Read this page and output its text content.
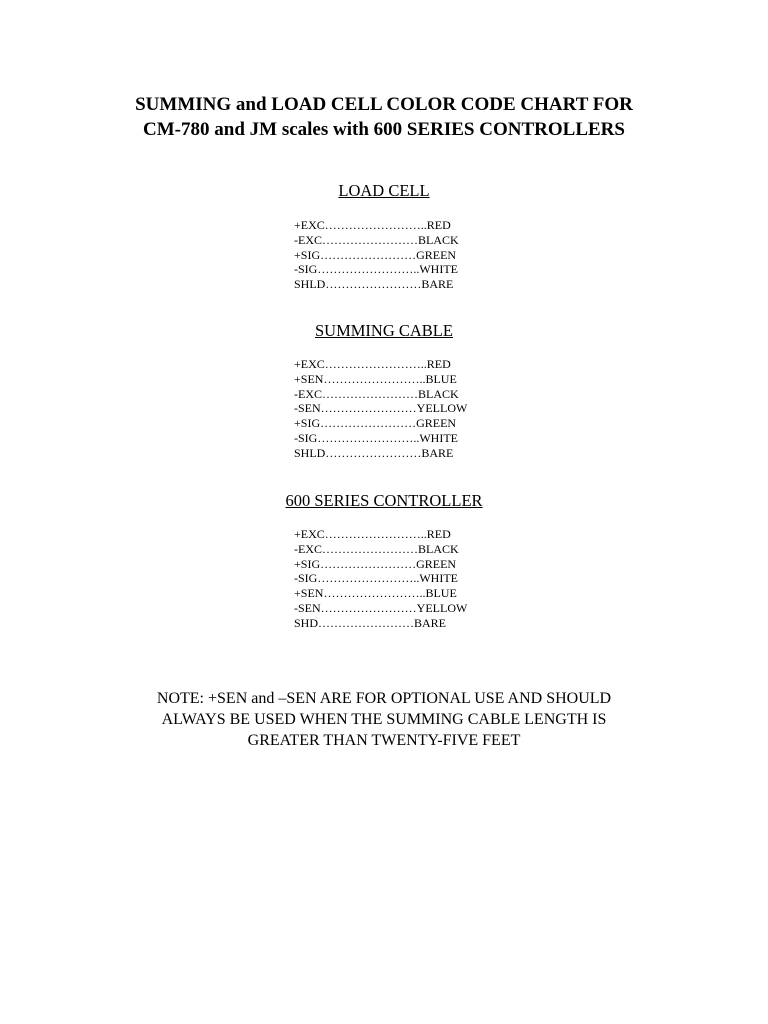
SUMMING and LOAD CELL COLOR CODE CHART FOR
CM-780 and JM scales with 600 SERIES CONTROLLERS
LOAD CELL
+EXC……………………..RED
-EXC……………………BLACK
+SIG……………………GREEN
-SIG……………………..WHITE
SHLD……………………BARE
SUMMING CABLE
+EXC……………………..RED
+SEN……………………..BLUE
-EXC……………………BLACK
-SEN……………………YELLOW
+SIG……………………GREEN
-SIG……………………..WHITE
SHLD……………………BARE
600 SERIES CONTROLLER
+EXC……………………..RED
-EXC……………………BLACK
+SIG……………………GREEN
-SIG……………………..WHITE
+SEN……………………..BLUE
-SEN……………………YELLOW
SHD……………………BARE
NOTE: +SEN and –SEN ARE FOR OPTIONAL USE AND SHOULD
ALWAYS BE USED WHEN THE SUMMING CABLE LENGTH IS
GREATER THAN TWENTY-FIVE FEET
